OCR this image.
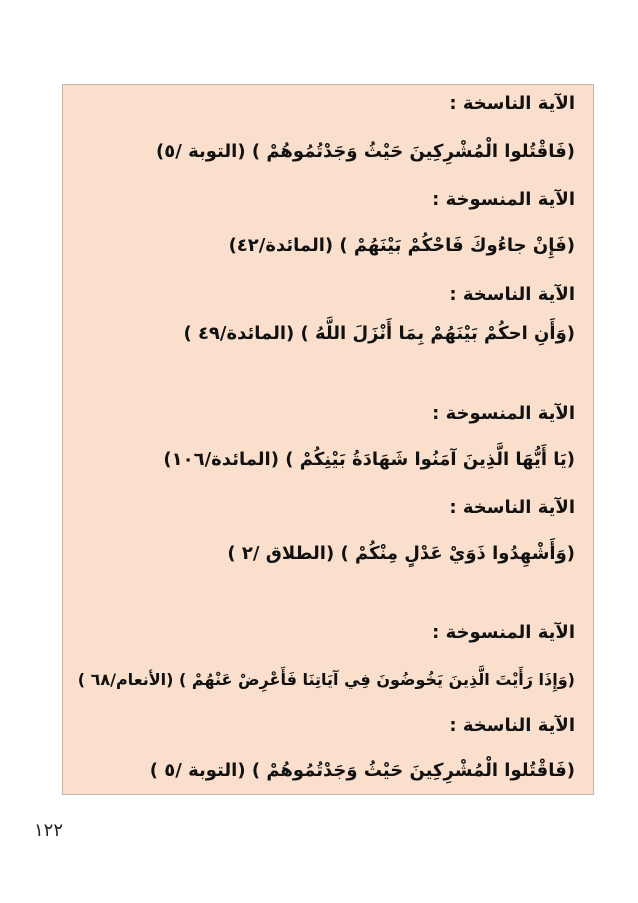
الآية الناسخة :
(فَاقْتُلوا الْمُشْرِكِينَ حَيْثُ وَجَدْتُمُوهُمْ ) (التوبة /٥)
الآية المنسوخة :
(فَإِنْ جاءُوكَ فَاحْكُمْ بَيْنَهُمْ ) (المائدة/٤٢)
الآية الناسخة :
(وَأَنِ احكُمْ بَيْنَهُمْ بِمَا أَنْزَلَ اللَّهُ ) (المائدة/٤٩ )
الآية المنسوخة :
(يَا أَيُّهَا الَّذِينَ آمَنُوا شَهَادَةُ بَيْنِكُمْ ) (المائدة/١٠٦)
الآية الناسخة :
(وَأَشْهِدُوا ذَوَيْ عَدْلٍ مِنْكُمْ ) (الطلاق /٢ )
الآية المنسوخة :
(وَإِذَا رَأَيْتَ الَّذِينَ يَخُوضُونَ فِي آيَاتِنَا فَأَعْرِضْ عَنْهُمْ ) (الأنعام/٦٨ )
الآية الناسخة :
(فَاقْتُلوا الْمُشْرِكِينَ حَيْثُ وَجَدْتُمُوهُمْ ) (التوبة /٥ )
١٢٢
